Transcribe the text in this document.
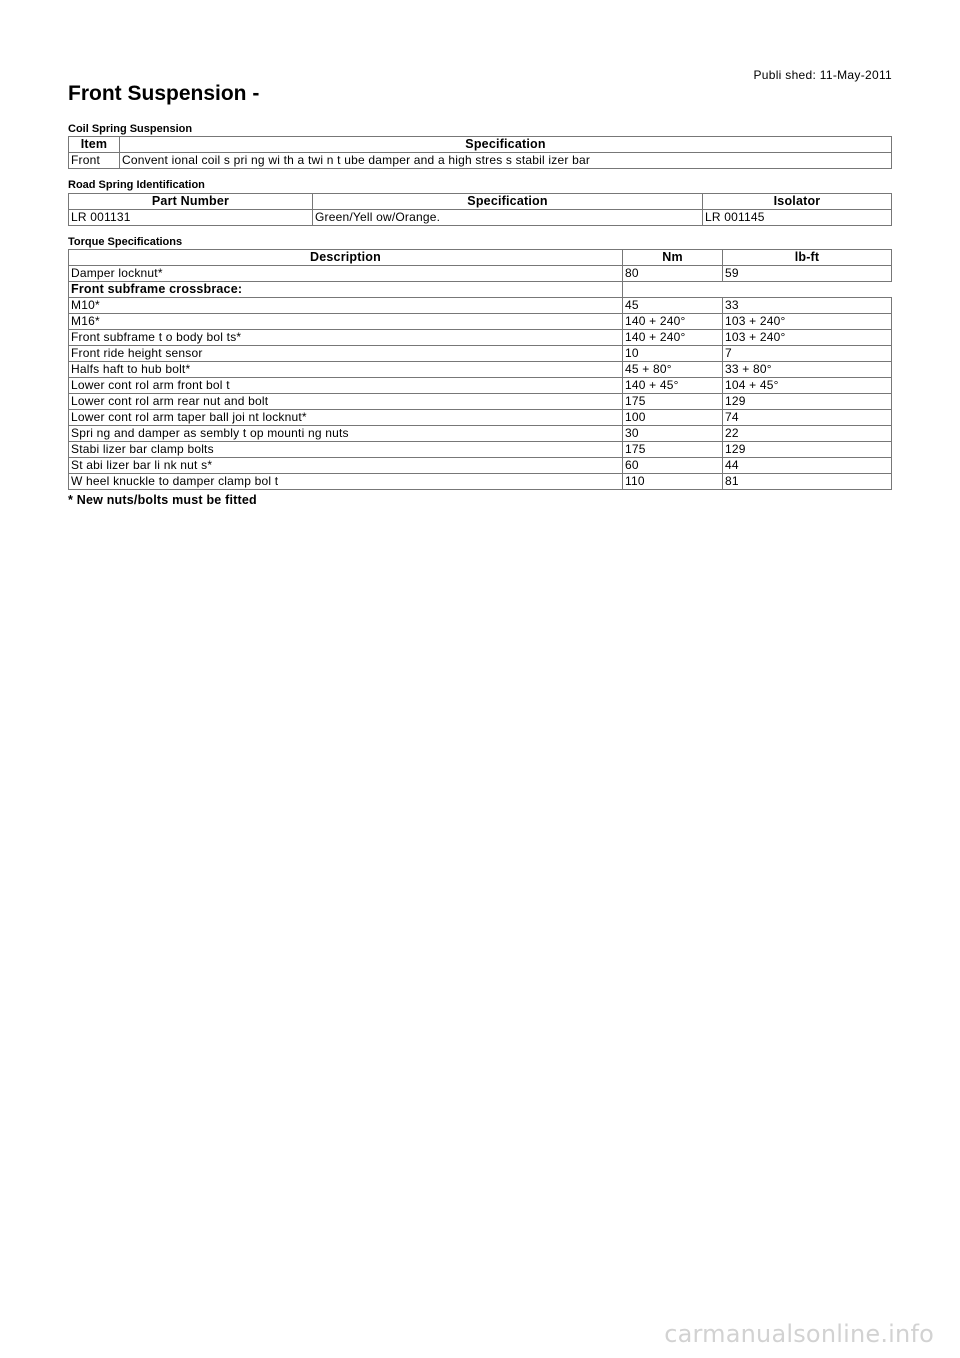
Publi shed: 11-May-2011
Front Suspension -
Coil Spring Suspension
Item	Specification
Front	Convent ional coil s pri ng wi th a twi n t ube damper and a high stres s stabil izer bar
Road Spring Identification
Part Number	Specification	Isolator
LR 001131	Green/Yell ow/Orange.	LR 001145
Torque Specifications
Description	Nm	lb-ft
Damper locknut*	80	59
Front subframe crossbrace:		
M10*	45	33
M16*	140 + 240°	103 + 240°
Front subframe t o body bol ts*	140 + 240°	103 + 240°
Front ride height sensor	10	7
Halfs haft to hub bolt*	45 + 80°	33 + 80°
Lower cont rol arm front bol t	140 + 45°	104 + 45°
Lower cont rol arm rear nut and bolt	175	129
Lower cont rol arm taper ball joi nt locknut*	100	74
Spri ng and damper as sembly t op mounti ng nuts	30	22
Stabi lizer bar clamp bolts	175	129
St abi lizer bar li nk nut s*	60	44
W heel knuckle to damper clamp bol t	110	81
* New nuts/bolts must be fitted
carmanualsonline.info
